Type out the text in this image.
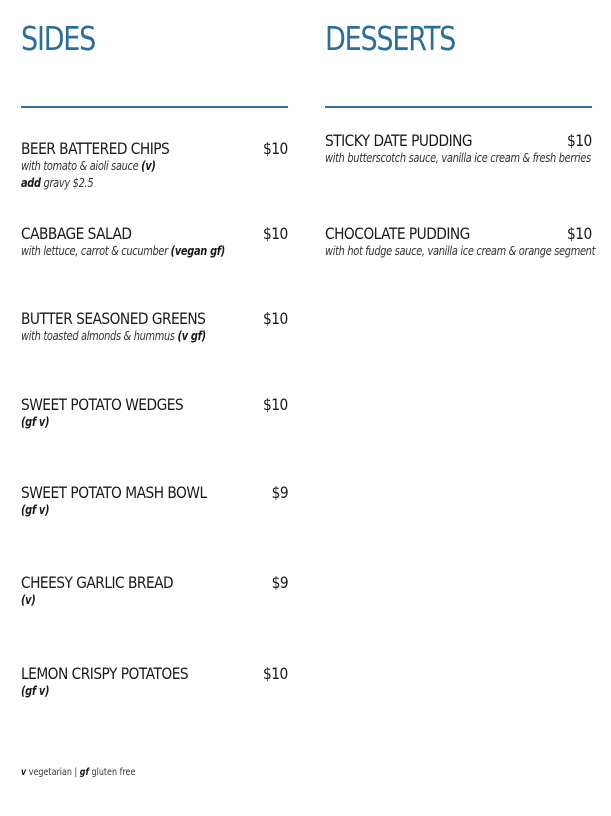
SIDES
BEER BATTERED CHIPS	$10
with tomato & aioli sauce (v)
add gravy $2.5
CABBAGE SALAD	$10
with lettuce, carrot & cucumber (vegan gf)
BUTTER SEASONED GREENS	$10
with toasted almonds & hummus (v gf)
SWEET POTATO WEDGES	$10
(gf v)
SWEET POTATO MASH BOWL	$9
(gf v)
CHEESY GARLIC BREAD	$9
(v)
LEMON CRISPY POTATOES	$10
(gf v)
DESSERTS
STICKY DATE PUDDING	$10
with butterscotch sauce, vanilla ice cream & fresh berries
CHOCOLATE PUDDING	$10
with hot fudge sauce, vanilla ice cream & orange segment
v vegetarian | gf gluten free
